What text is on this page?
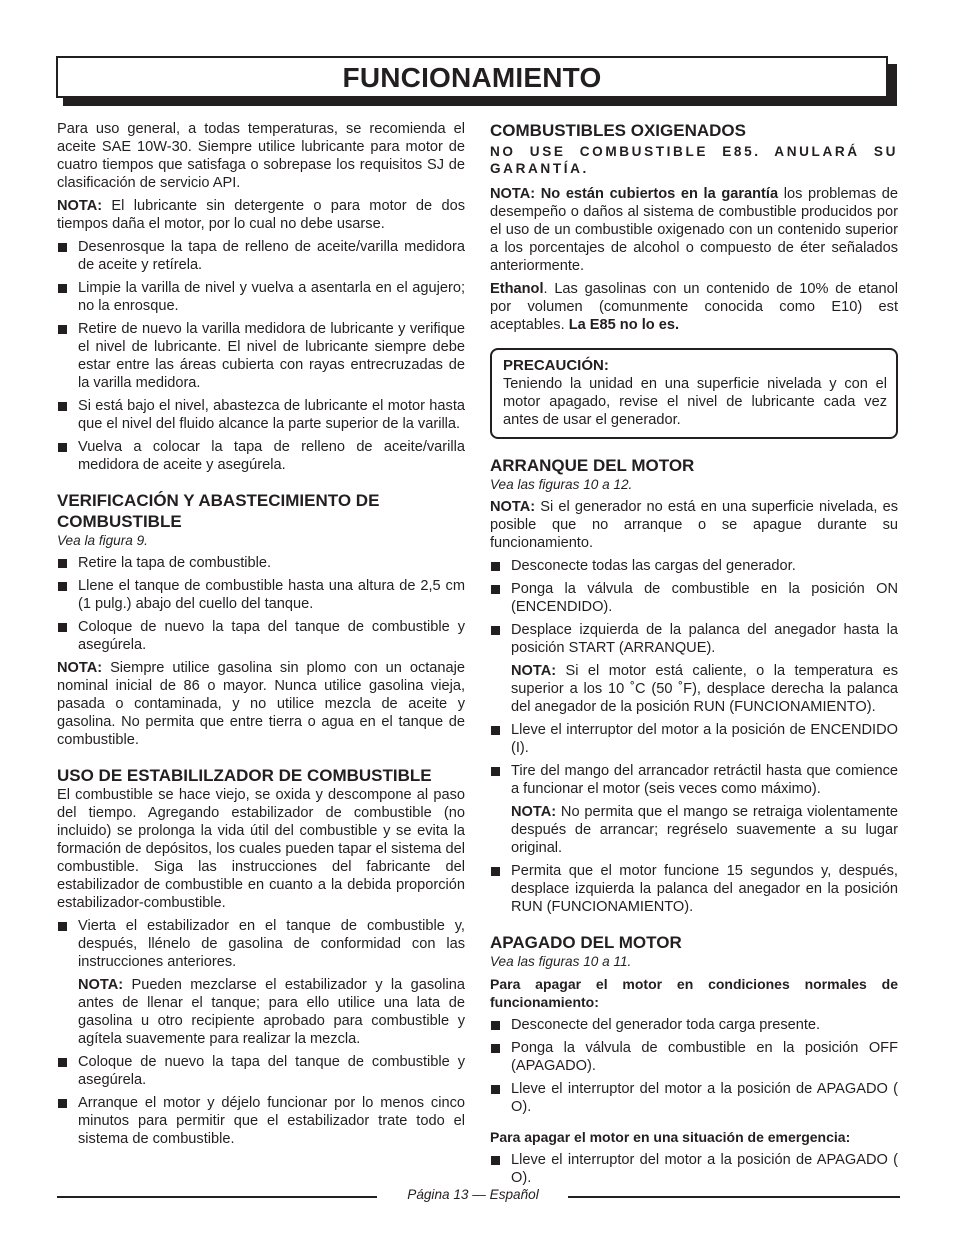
FUNCIONAMIENTO

Para uso general, a todas temperaturas, se recomienda el aceite SAE 10W-30. Siempre utilice lubricante para motor de cuatro tiempos que satisfaga o sobrepase los requisitos SJ de clasificación de servicio API.

NOTA: El lubricante sin detergente o para motor de dos tiempos daña el motor, por lo cual no debe usarse.

Desenrosque la tapa de relleno de aceite/varilla medidora de aceite y retírela.
Limpie la varilla de nivel y vuelva a asentarla en el agujero; no la enrosque.
Retire de nuevo la varilla medidora de lubricante y verifique el nivel de lubricante. El nivel de lubricante siempre debe estar entre las áreas cubierta con rayas entrecruzadas de la varilla medidora.
Si está bajo el nivel, abastezca de lubricante el motor hasta que el nivel del fluido alcance la parte superior de la varilla.
Vuelva a colocar la tapa de relleno de aceite/varilla medidora de aceite y asegúrela.
VERIFICACIÓN Y ABASTECIMIENTO DE COMBUSTIBLE

Vea la figura 9.

Retire la tapa de combustible.
Llene el tanque de combustible hasta una altura de 2,5 cm (1 pulg.) abajo del cuello del tanque.
Coloque de nuevo la tapa del tanque de combustible y asegúrela.

NOTA: Siempre utilice gasolina sin plomo con un octanaje nominal inicial de 86 o mayor. Nunca utilice gasolina vieja, pasada o contaminada, y no utilice mezcla de aceite y gasolina. No permita que entre tierra o agua en el tanque de combustible.

USO DE ESTABILILZADOR DE COMBUSTIBLE

El combustible se hace viejo, se oxida y descompone al paso del tiempo. Agregando estabilizador de combustible (no incluido) se prolonga la vida útil del combustible y se evita la formación de depósitos, los cuales pueden tapar el sistema del combustible. Siga las instrucciones del fabricante del estabilizador de combustible en cuanto a la debida proporción estabilizador-combustible.

Vierta el estabilizador en el tanque de combustible y, después, llénelo de gasolina de conformidad con las instrucciones anteriores.

NOTA: Pueden mezclarse el estabilizador y la gasolina antes de llenar el tanque; para ello utilice una lata de gasolina u otro recipiente aprobado para combustible y agítela suavemente para realizar la mezcla.

Coloque de nuevo la tapa del tanque de combustible y asegúrela.
Arranque el motor y déjelo funcionar por lo menos cinco minutos para permitir que el estabilizador trate todo el sistema de combustible.
COMBUSTIBLES OXIGENADOS

NO USE COMBUSTIBLE E85. ANULARÁ SU GARANTÍA.

NOTA: No están cubiertos en la garantía los problemas de desempeño o daños al sistema de combustible producidos por el uso de un combustible oxigenado con un contenido superior a los porcentajes de alcohol o compuesto de éter señalados anteriormente.

Ethanol. Las gasolinas con un contenido de 10% de etanol por volumen (comunmente conocida como E10) est aceptables. La E85 no lo es.

PRECAUCIÓN:
Teniendo la unidad en una superficie nivelada y con el motor apagado, revise el nivel de lubricante cada vez antes de usar el generador.
ARRANQUE DEL MOTOR

Vea las figuras 10 a 12.

NOTA: Si el generador no está en una superficie nivelada, es posible que no arranque o se apague durante su funcionamiento.

Desconecte todas las cargas del generador.
Ponga la válvula de combustible en la posición ON (ENCENDIDO).
Desplace izquierda de la palanca del anegador hasta la posición START (ARRANQUE).

NOTA: Si el motor está caliente, o la temperatura es superior a los 10 ˚C (50 ˚F), desplace derecha la palanca del anegador de la posición RUN (FUNCIONAMIENTO).

Lleve el interruptor del motor a la posición de ENCENDIDO (I).
Tire del mango del arrancador retráctil hasta que comience a funcionar el motor (seis veces como máximo).

NOTA: No permita que el mango se retraiga violentamente después de arrancar; regréselo suavemente a su lugar original.

Permita que el motor funcione 15 segundos y, después, desplace izquierda la palanca del anegador en la posición RUN (FUNCIONAMIENTO).
APAGADO DEL MOTOR

Vea las figuras 10 a 11.

Para apagar el motor en condiciones normales de funcionamiento:

Desconecte del generador toda carga presente.
Ponga la válvula de combustible en la posición OFF (APAGADO).
Lleve el interruptor del motor a la posición de APAGADO ( O).

Para apagar el motor en una situación de emergencia:

Lleve el interruptor del motor a la posición de APAGADO ( O).
Página 13 — Español
